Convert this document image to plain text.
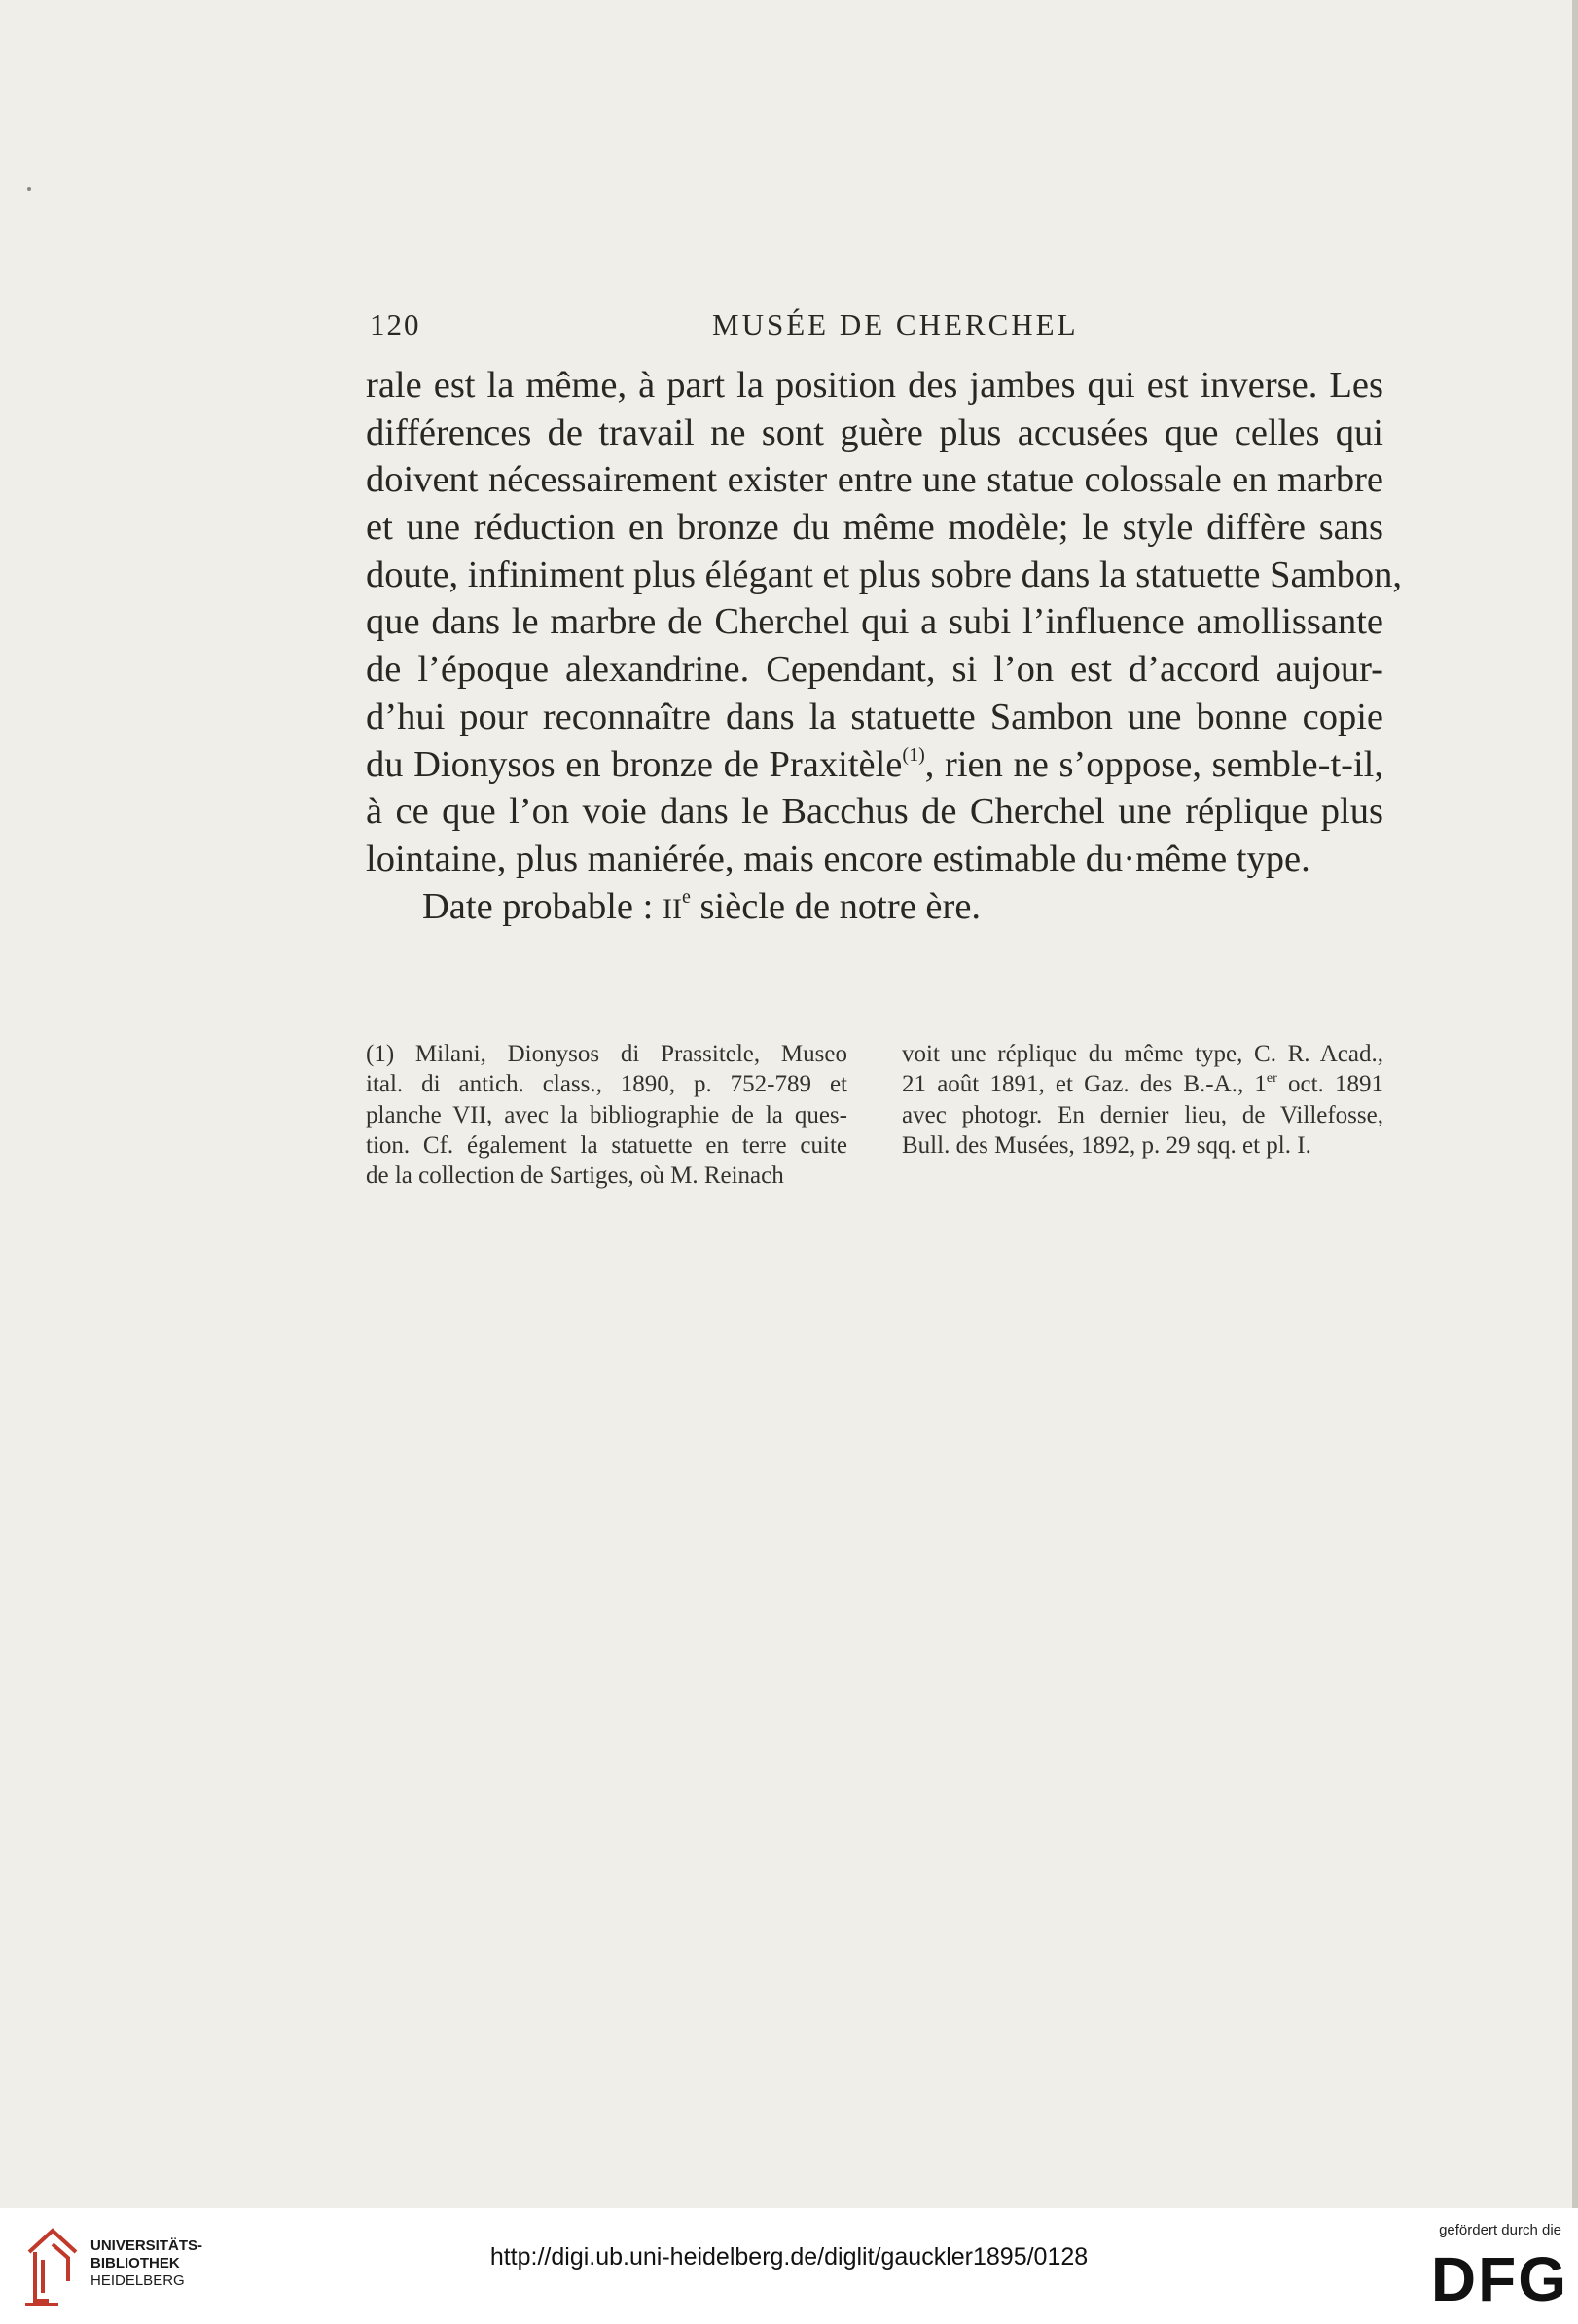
120	MUSÉE DE CHERCHEL
rale est la même, à part la position des jambes qui est inverse. Les
différences de travail ne sont guère plus accusées que celles qui
doivent nécessairement exister entre une statue colossale en marbre
et une réduction en bronze du même modèle; le style diffère sans
doute, infiniment plus élégant et plus sobre dans la statuette Sambon,
que dans le marbre de Cherchel qui a subi l’influence amollissante
de l’époque alexandrine. Cependant, si l’on est d’accord aujour-
d’hui pour reconnaître dans la statuette Sambon une bonne copie
du Dionysos en bronze de Praxitèle$^{(1)}$, rien ne s’oppose, semble-t-il,
à ce que l’on voie dans le Bacchus de Cherchel une réplique plus
lointaine, plus maniérée, mais encore estimable du·même type.
Date probable : IIe siècle de notre ère.
(1) Milani, Dionysos di Prassitele, Museo
ital. di antich. class., 1890, p. 752-789 et
planche VII, avec la bibliographie de la ques-
tion. Cf. également la statuette en terre cuite
de la collection de Sartiges, où M. Reinach
voit une réplique du même type, C. R. Acad.,
21 août 1891, et Gaz. des B.-A., 1er oct. 1891
avec photogr. En dernier lieu, de Villefosse,
Bull. des Musées, 1892, p. 29 sqq. et pl. I.
UNIVERSITÄTS-
BIBLIOTHEK
HEIDELBERG
http://digi.ub.uni-heidelberg.de/diglit/gauckler1895/0128
gefördert durch die
DFG
